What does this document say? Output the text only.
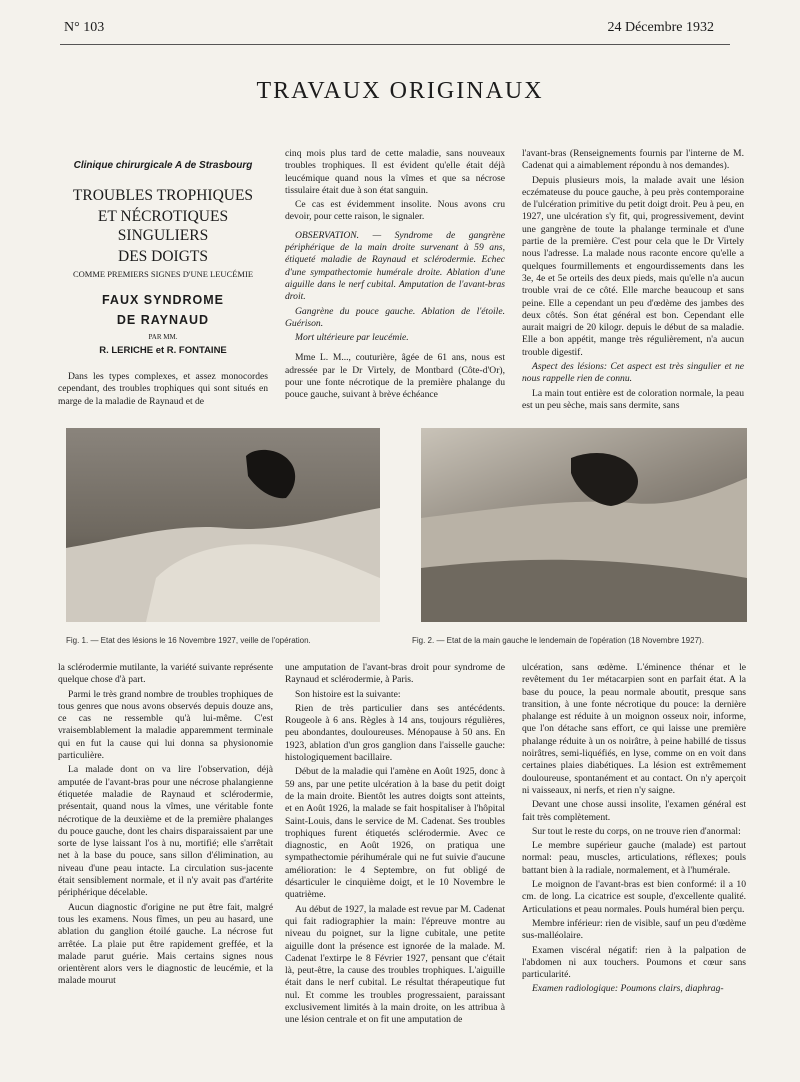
N° 103	24 Décembre 1932
TRAVAUX ORIGINAUX

Clinique chirurgicale A de Strasbourg

TROUBLES TROPHIQUES

ET NÉCROTIQUES SINGULIERS

DES DOIGTS

COMME PREMIERS SIGNES D'UNE LEUCÉMIE

FAUX SYNDROME

DE RAYNAUD

PAR MM.

R. LERICHE et R. FONTAINE

Dans les types complexes, et assez monocordes cependant, des troubles trophiques qui sont situés en marge de la maladie de Raynaud et de

cinq mois plus tard de cette maladie, sans nouveaux troubles trophiques. Il est évident qu'elle était déjà leucémique quand nous la vîmes et que sa nécrose tissulaire était due à son état sanguin.

Ce cas est évidemment insolite. Nous avons cru devoir, pour cette raison, le signaler.

OBSERVATION. — Syndrome de gangrène périphérique de la main droite survenant à 59 ans, étiqueté maladie de Raynaud et sclérodermie. Echec d'une sympathectomie humérale droite. Ablation d'une aiguille dans le nerf cubital. Amputation de l'avant-bras droit.

Gangrène du pouce gauche. Ablation de l'étoile. Guérison.

Mort ultérieure par leucémie.

Mme L. M..., couturière, âgée de 61 ans, nous est adressée par le Dr Virtely, de Montbard (Côte-d'Or), pour une fonte nécrotique de la première phalange du pouce gauche, suivant à brève échéance

l'avant-bras (Renseignements fournis par l'interne de M. Cadenat qui a aimablement répondu à nos demandes).

Depuis plusieurs mois, la malade avait une lésion eczémateuse du pouce gauche, à peu près contemporaine de l'ulcération primitive du petit doigt droit. Peu à peu, en 1927, une ulcération s'y fit, qui, progressivement, devint une gangrène de toute la phalange terminale et d'une partie de la première. C'est pour cela que le Dr Virtely nous l'adresse. La malade nous raconte encore qu'elle a quelques fourmillements et engourdissements dans les 3e, 4e et 5e orteils des deux pieds, mais qu'elle n'a aucun trouble vrai de ce côté. Elle marche beaucoup et sans peine. Elle a cependant un peu d'œdème des jambes des deux côtés. Son état général est bon. Cependant elle aurait maigri de 20 kilogr. depuis le début de sa maladie. Elle a bon appétit, mange très régulièrement, n'a aucun trouble digestif.

Aspect des lésions: Cet aspect est très singulier et ne nous rappelle rien de connu.

La main tout entière est de coloration normale, la peau est un peu sèche, mais sans dermite, sans

Fig. 1. — Etat des lésions le 16 Novembre 1927, veille de l'opération.	Fig. 2. — Etat de la main gauche le lendemain de l'opération (18 Novembre 1927).

la sclérodermie mutilante, la variété suivante représente quelque chose d'à part.

Parmi le très grand nombre de troubles trophiques de tous genres que nous avons observés depuis douze ans, ce cas ne ressemble qu'à lui-même. C'est vraisemblablement la maladie apparemment terminale qui en fut la cause qui lui donna sa physionomie particulière.

La malade dont on va lire l'observation, déjà amputée de l'avant-bras pour une nécrose phalangienne étiquetée maladie de Raynaud et sclérodermie, présentait, quand nous la vîmes, une véritable fonte nécrotique de la deuxième et de la première phalanges du pouce gauche, dont les chairs disparaissaient par une sorte de lyse laissant l'os à nu, mortifié; elle s'arrêtait net à la base du pouce, sans sillon d'élimination, au niveau d'une peau intacte. La circulation sus-jacente était sensiblement normale, et il n'y avait pas d'artérite périphérique décelable.

Aucun diagnostic d'origine ne put être fait, malgré tous les examens. Nous fîmes, un peu au hasard, une ablation du ganglion étoilé gauche. La nécrose fut arrêtée. La plaie put être rapidement greffée, et la malade parut guérie. Mais certains signes nous orientèrent alors vers le diagnostic de leucémie, et la malade mourut

une amputation de l'avant-bras droit pour syndrome de Raynaud et sclérodermie, à Paris.

Son histoire est la suivante:

Rien de très particulier dans ses antécédents. Rougeole à 6 ans. Règles à 14 ans, toujours régulières, peu abondantes, douloureuses. Ménopause à 50 ans. En 1923, ablation d'un gros ganglion dans l'aisselle gauche: histologiquement bacillaire.

Début de la maladie qui l'amène en Août 1925, donc à 59 ans, par une petite ulcération à la base du petit doigt de la main droite. Bientôt les autres doigts sont atteints, et en Août 1926, la malade se fait hospitaliser à l'hôpital Saint-Louis, dans le service de M. Cadenat. Ses troubles trophiques furent étiquetés sclérodermie. Avec ce diagnostic, en Août 1926, on pratiqua une sympathectomie périhumérale qui ne fut suivie d'aucune amélioration: le 4 Septembre, on fut obligé de désarticuler le cinquième doigt, et le 10 Novembre le quatrième.

Au début de 1927, la malade est revue par M. Cadenat qui fait radiographier la main: l'épreuve montre au niveau du poignet, sur la ligne cubitale, une petite aiguille dont la présence est ignorée de la malade. M. Cadenat l'extirpe le 8 Février 1927, pensant que c'était là, peut-être, la cause des troubles trophiques. L'aiguille était dans le nerf cubital. Le résultat thérapeutique fut nul. Et comme les troubles progressaient, paraissant exclusivement limités à la main droite, on les attribua à une lésion centrale et on fit une amputation de

ulcération, sans œdème. L'éminence thénar et le revêtement du 1er métacarpien sont en parfait état. A la base du pouce, la peau normale aboutit, presque sans transition, à une fonte nécrotique du pouce: la dernière phalange est réduite à un moignon osseux noir, informe, que l'on détache sans effort, ce qui laisse une première phalange réduite à un os noirâtre, à peine habillé de tissus noirâtres, semi-liquéfiés, en lyse, comme on en voit dans certaines plaies diabétiques. La lésion est extrêmement douloureuse, spontanément et au contact. On n'y aperçoit ni vaisseaux, ni nerfs, et rien n'y saigne.

Devant une chose aussi insolite, l'examen général est fait très complètement.

Sur tout le reste du corps, on ne trouve rien d'anormal:

Le membre supérieur gauche (malade) est partout normal: peau, muscles, articulations, réflexes; pouls battant bien à la radiale, normalement, et à l'humérale.

Le moignon de l'avant-bras est bien conformé: il a 10 cm. de long. La cicatrice est souple, d'excellente qualité. Articulations et peau normales. Pouls huméral bien perçu.

Membre inférieur: rien de visible, sauf un peu d'œdème sus-malléolaire.

Examen viscéral négatif: rien à la palpation de l'abdomen ni aux touchers. Poumons et cœur sans particularité.

Examen radiologique: Poumons clairs, diaphrag-
